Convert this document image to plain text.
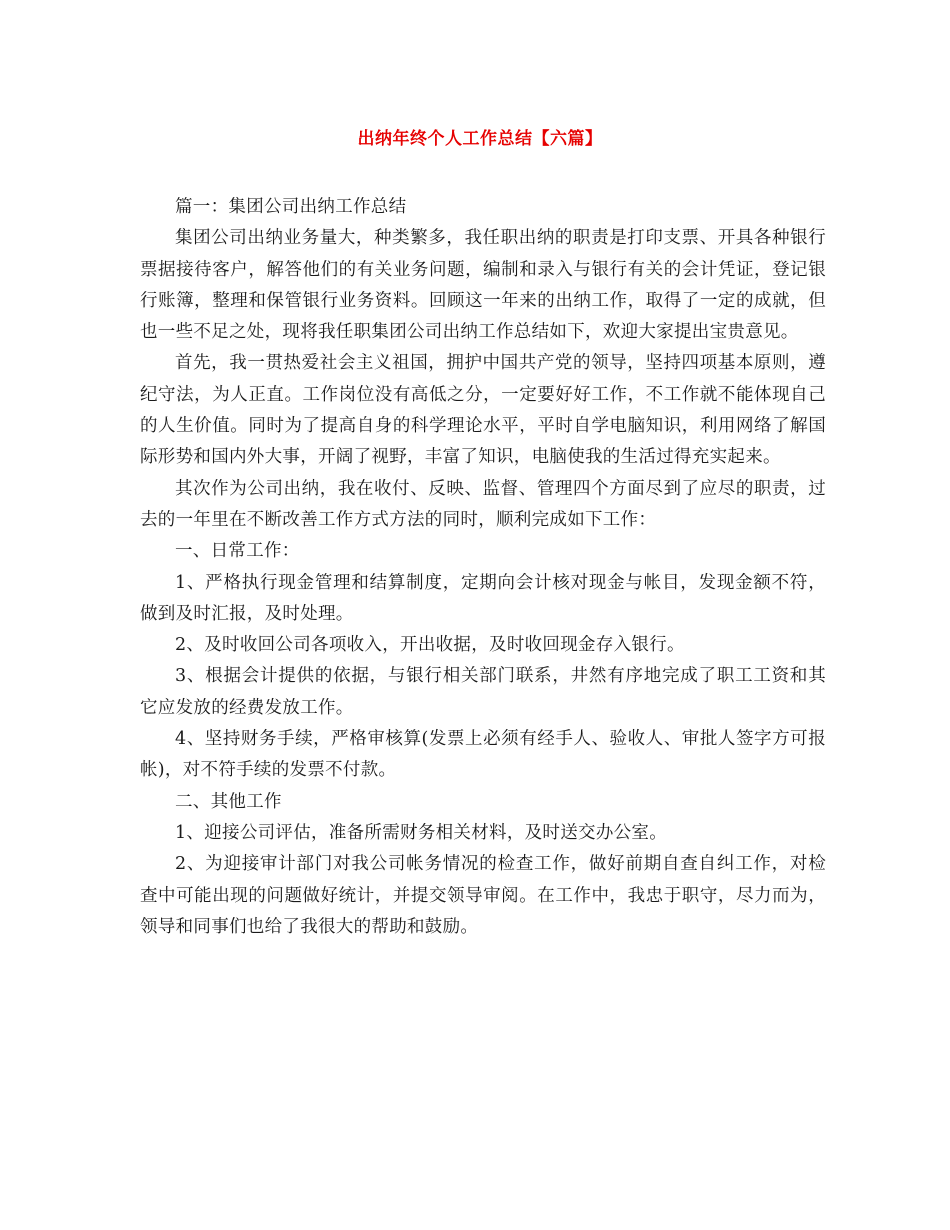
出纳年终个人工作总结【六篇】

篇一：集团公司出纳工作总结

集团公司出纳业务量大，种类繁多，我任职出纳的职责是打印支票、开具各种银行票据接待客户，解答他们的有关业务问题，编制和录入与银行有关的会计凭证，登记银行账簿，整理和保管银行业务资料。回顾这一年来的出纳工作，取得了一定的成就，但也一些不足之处，现将我任职集团公司出纳工作总结如下，欢迎大家提出宝贵意见。

首先，我一贯热爱社会主义祖国，拥护中国共产党的领导，坚持四项基本原则，遵纪守法，为人正直。工作岗位没有高低之分，一定要好好工作，不工作就不能体现自己的人生价值。同时为了提高自身的科学理论水平，平时自学电脑知识，利用网络了解国际形势和国内外大事，开阔了视野，丰富了知识，电脑使我的生活过得充实起来。

其次作为公司出纳，我在收付、反映、监督、管理四个方面尽到了应尽的职责，过去的一年里在不断改善工作方式方法的同时，顺利完成如下工作：

一、日常工作：

1、严格执行现金管理和结算制度，定期向会计核对现金与帐目，发现金额不符，做到及时汇报，及时处理。

2、及时收回公司各项收入，开出收据，及时收回现金存入银行。

3、根据会计提供的依据，与银行相关部门联系，井然有序地完成了职工工资和其它应发放的经费发放工作。

4、坚持财务手续，严格审核算(发票上必须有经手人、验收人、审批人签字方可报帐)，对不符手续的发票不付款。

二、其他工作

1、迎接公司评估，准备所需财务相关材料，及时送交办公室。

2、为迎接审计部门对我公司帐务情况的检查工作，做好前期自查自纠工作，对检查中可能出现的问题做好统计，并提交领导审阅。在工作中，我忠于职守，尽力而为，领导和同事们也给了我很大的帮助和鼓励。
